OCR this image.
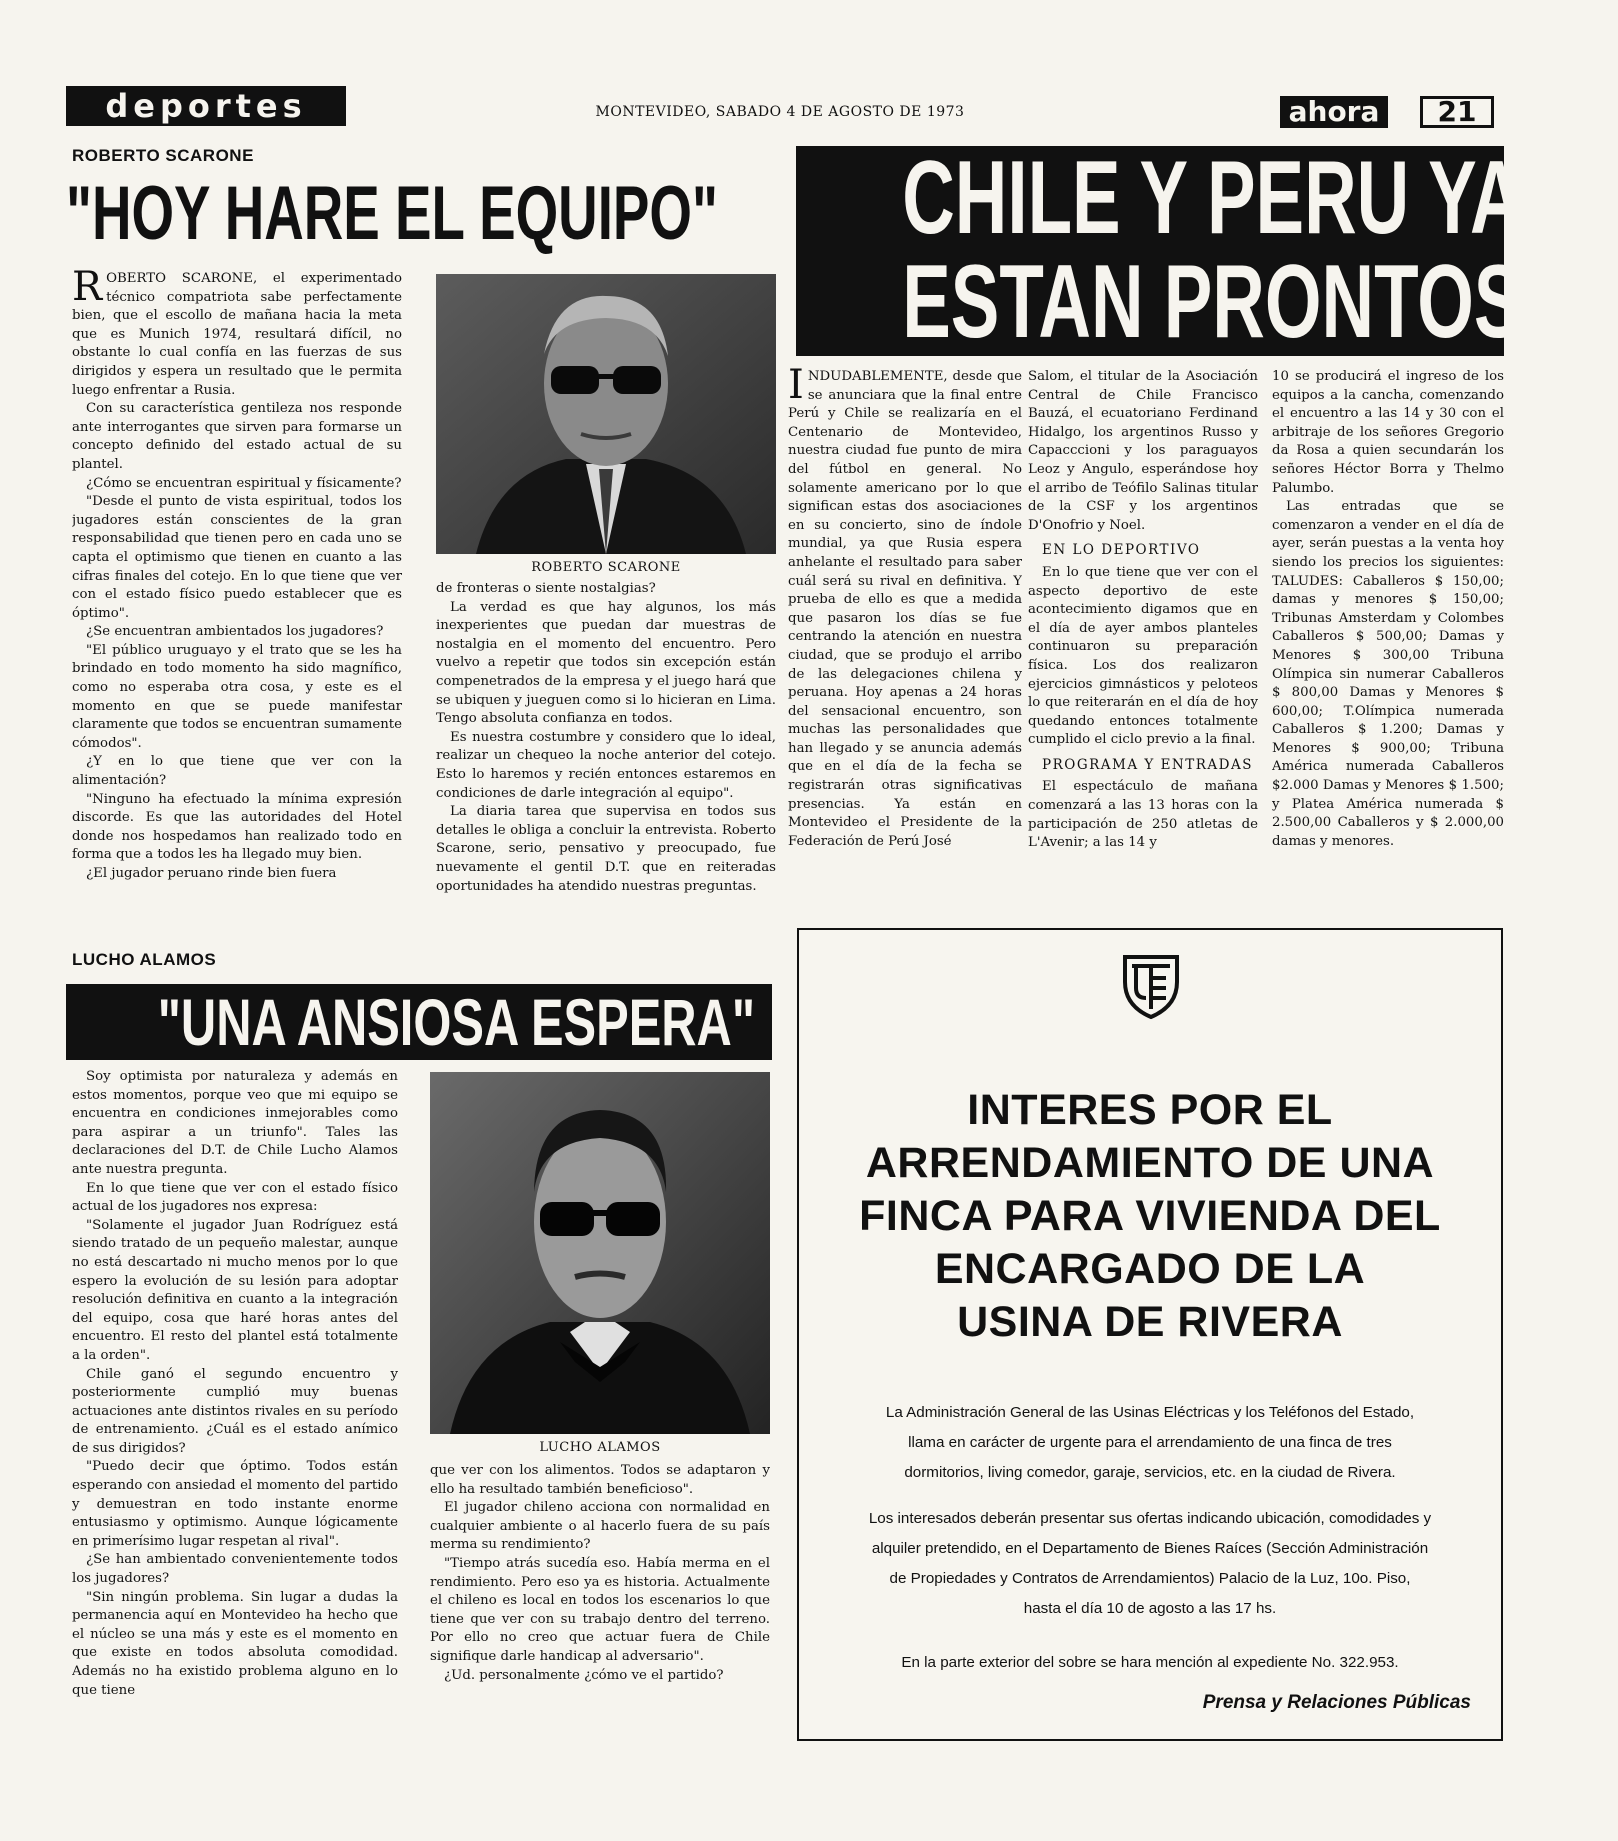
deportes	MONTEVIDEO, SABADO 4 DE AGOSTO DE 1973	ahora	21
ROBERTO SCARONE
"HOY HARE EL EQUIPO"
R OBERTO SCARONE, el experimentado técnico compatriota sabe perfectamente bien, que el escollo de mañana hacia la meta que es Munich 1974, resultará difícil, no obstante lo cual confía en las fuerzas de sus dirigidos y espera un resultado que le permita luego enfrentar a Rusia.

Con su característica gentileza nos responde ante interrogantes que sirven para formarse un concepto definido del estado actual de su plantel.

¿Cómo se encuentran espiritual y físicamente?

"Desde el punto de vista espiritual, todos los jugadores están conscientes de la gran responsabilidad que tienen pero en cada uno se capta el optimismo que tienen en cuanto a las cifras finales del cotejo. En lo que tiene que ver con el estado físico puedo establecer que es óptimo".

¿Se encuentran ambientados los jugadores?

"El público uruguayo y el trato que se les ha brindado en todo momento ha sido magnífico, como no esperaba otra cosa, y este es el momento en que se puede manifestar claramente que todos se encuentran sumamente cómodos".

¿Y en lo que tiene que ver con la alimentación?

"Ninguno ha efectuado la mínima expresión discorde. Es que las autoridades del Hotel donde nos hospedamos han realizado todo en forma que a todos les ha llegado muy bien.

¿El jugador peruano rinde bien fuera

ROBERTO SCARONE

de fronteras o siente nostalgias?

La verdad es que hay algunos, los más inexperientes que puedan dar muestras de nostalgia en el momento del encuentro. Pero vuelvo a repetir que todos sin excepción están compenetrados de la empresa y el juego hará que se ubiquen y jueguen como si lo hicieran en Lima. Tengo absoluta confianza en todos.

Es nuestra costumbre y considero que lo ideal, realizar un chequeo la noche anterior del cotejo. Esto lo haremos y recién entonces estaremos en condiciones de darle integración al equipo".

La diaria tarea que supervisa en todos sus detalles le obliga a concluir la entrevista. Roberto Scarone, serio, pensativo y preocupado, fue nuevamente el gentil D.T. que en reiteradas oportunidades ha atendido nuestras preguntas.

CHILE Y PERU YA
ESTAN PRONTOS
I NDUDABLEMENTE, desde que se anunciara que la final entre Perú y Chile se realizaría en el Centenario de Montevideo, nuestra ciudad fue punto de mira del fútbol en general. No solamente americano por lo que significan estas dos asociaciones en su concierto, sino de índole mundial, ya que Rusia espera anhelante el resultado para saber cuál será su rival en definitiva. Y prueba de ello es que a medida que pasaron los días se fue centrando la atención en nuestra ciudad, que se produjo el arribo de las delegaciones chilena y peruana. Hoy apenas a 24 horas del sensacional encuentro, son muchas las personalidades que han llegado y se anuncia además que en el día de la fecha se registrarán otras significativas presencias. Ya están en Montevideo el Presidente de la Federación de Perú José

Salom, el titular de la Asociación Central de Chile Francisco Bauzá, el ecuatoriano Ferdinand Hidalgo, los argentinos Russo y Capacccioni y los paraguayos Leoz y Angulo, esperándose hoy el arribo de Teófilo Salinas titular de la CSF y los argentinos D'Onofrio y Noel.

EN LO DEPORTIVO

En lo que tiene que ver con el aspecto deportivo de este acontecimiento digamos que en el día de ayer ambos planteles continuaron su preparación física. Los dos realizaron ejercicios gimnásticos y peloteos lo que reiterarán en el día de hoy quedando entonces totalmente cumplido el ciclo previo a la final.

PROGRAMA Y ENTRADAS

El espectáculo de mañana comenzará a las 13 horas con la participación de 250 atletas de L'Avenir; a las 14 y

10 se producirá el ingreso de los equipos a la cancha, comenzando el encuentro a las 14 y 30 con el arbitraje de los señores Gregorio da Rosa a quien secundarán los señores Héctor Borra y Thelmo Palumbo.

Las entradas que se comenzaron a vender en el día de ayer, serán puestas a la venta hoy siendo los precios los siguientes: TALUDES: Caballeros $ 150,00; damas y menores $ 150,00; Tribunas Amsterdam y Colombes Caballeros $ 500,00; Damas y Menores $ 300,00 Tribuna Olímpica sin numerar Caballeros $ 800,00 Damas y Menores $ 600,00; T.Olímpica numerada Caballeros $ 1.200; Damas y Menores $ 900,00; Tribuna América numerada Caballeros $2.000 Damas y Menores $ 1.500; y Platea América numerada $ 2.500,00 Caballeros y $ 2.000,00 damas y menores.

LUCHO ALAMOS
"UNA ANSIOSA ESPERA"

Soy optimista por naturaleza y además en estos momentos, porque veo que mi equipo se encuentra en condiciones inmejorables como para aspirar a un triunfo". Tales las declaraciones del D.T. de Chile Lucho Alamos ante nuestra pregunta.

En lo que tiene que ver con el estado físico actual de los jugadores nos expresa:

"Solamente el jugador Juan Rodríguez está siendo tratado de un pequeño malestar, aunque no está descartado ni mucho menos por lo que espero la evolución de su lesión para adoptar resolución definitiva en cuanto a la integración del equipo, cosa que haré horas antes del encuentro. El resto del plantel está totalmente a la orden".

Chile ganó el segundo encuentro y posteriormente cumplió muy buenas actuaciones ante distintos rivales en su período de entrenamiento. ¿Cuál es el estado anímico de sus dirigidos?

"Puedo decir que óptimo. Todos están esperando con ansiedad el momento del partido y demuestran en todo instante enorme entusiasmo y optimismo. Aunque lógicamente en primerísimo lugar respetan al rival".

¿Se han ambientado convenientemente todos los jugadores?

"Sin ningún problema. Sin lugar a dudas la permanencia aquí en Montevideo ha hecho que el núcleo se una más y este es el momento en que existe en todos absoluta comodidad. Además no ha existido problema alguno en lo que tiene

LUCHO ALAMOS

que ver con los alimentos. Todos se adaptaron y ello ha resultado también beneficioso".

El jugador chileno acciona con normalidad en cualquier ambiente o al hacerlo fuera de su país merma su rendimiento?

"Tiempo atrás sucedía eso. Había merma en el rendimiento. Pero eso ya es historia. Actualmente el chileno es local en todos los escenarios lo que tiene que ver con su trabajo dentro del terreno. Por ello no creo que actuar fuera de Chile signifique darle handicap al adversario".

¿Ud. personalmente ¿cómo ve el partido?

INTERES POR EL
ARRENDAMIENTO DE UNA
FINCA PARA VIVIENDA DEL
ENCARGADO DE LA
USINA DE RIVERA
La Administración General de las Usinas Eléctricas y los Teléfonos del Estado,
llama en carácter de urgente para el arrendamiento de una finca de tres
dormitorios, living comedor, garaje, servicios, etc. en la ciudad de Rivera.
Los interesados deberán presentar sus ofertas indicando ubicación, comodidades y
alquiler pretendido, en el Departamento de Bienes Raíces (Sección Administración
de Propiedades y Contratos de Arrendamientos) Palacio de la Luz, 10o. Piso,
hasta el día 10 de agosto a las 17 hs.
En la parte exterior del sobre se hara mención al expediente No. 322.953.
Prensa y Relaciones Públicas
